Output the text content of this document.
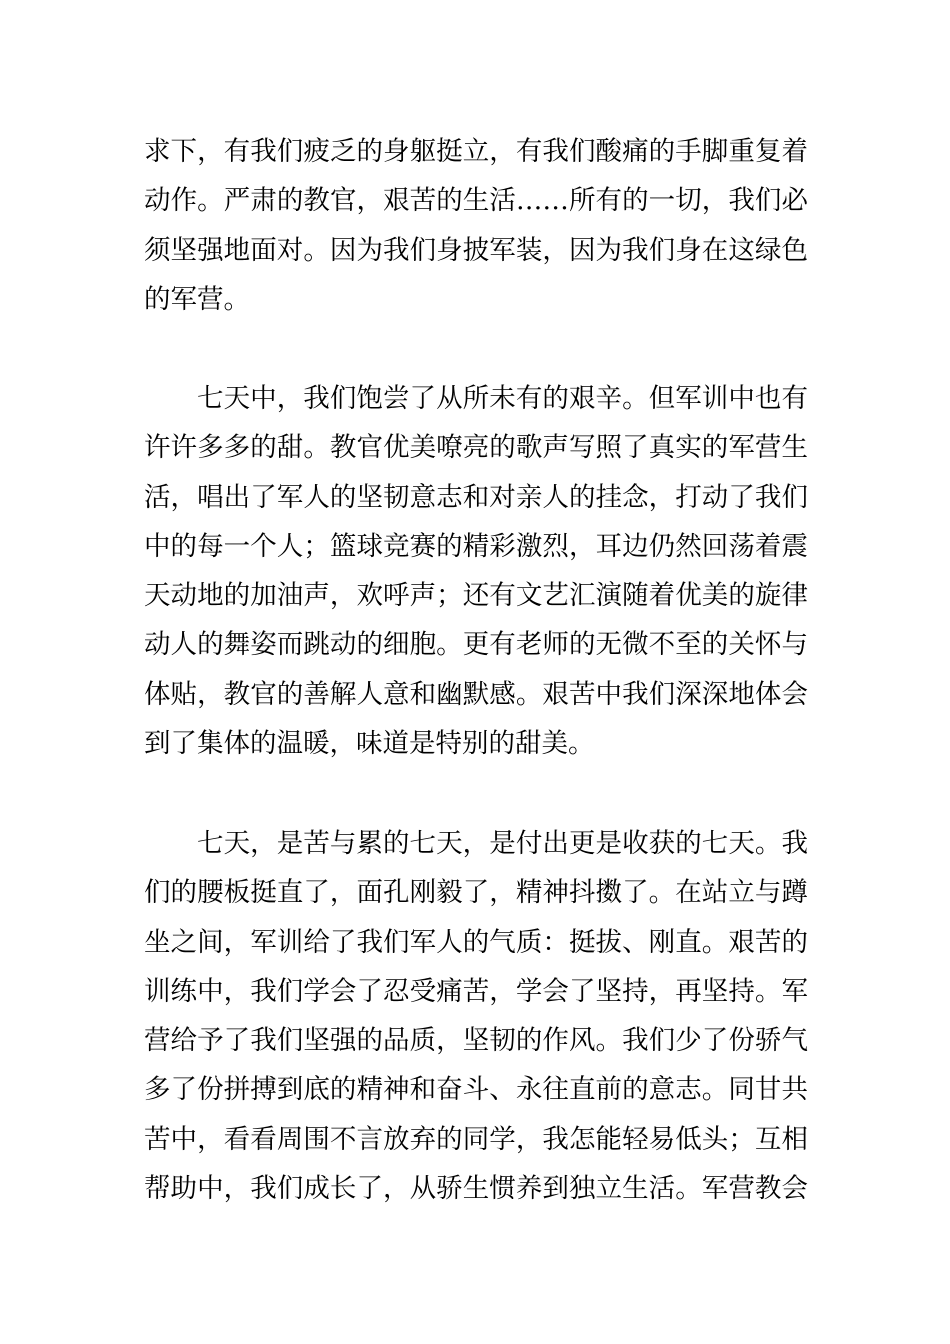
求下，有我们疲乏的身躯挺立，有我们酸痛的手脚重复着
动作。严肃的教官，艰苦的生活……所有的一切，我们必
须坚强地面对。因为我们身披军装，因为我们身在这绿色
的军营。
七天中，我们饱尝了从所未有的艰辛。但军训中也有
许许多多的甜。教官优美嘹亮的歌声写照了真实的军营生
活，唱出了军人的坚韧意志和对亲人的挂念，打动了我们
中的每一个人；篮球竞赛的精彩激烈，耳边仍然回荡着震
天动地的加油声，欢呼声；还有文艺汇演随着优美的旋律
动人的舞姿而跳动的细胞。更有老师的无微不至的关怀与
体贴，教官的善解人意和幽默感。艰苦中我们深深地体会
到了集体的温暖，味道是特别的甜美。
七天，是苦与累的七天，是付出更是收获的七天。我
们的腰板挺直了，面孔刚毅了，精神抖擞了。在站立与蹲
坐之间，军训给了我们军人的气质：挺拔、刚直。艰苦的
训练中，我们学会了忍受痛苦，学会了坚持，再坚持。军
营给予了我们坚强的品质，坚韧的作风。我们少了份骄气
多了份拼搏到底的精神和奋斗、永往直前的意志。同甘共
苦中，看看周围不言放弃的同学，我怎能轻易低头；互相
帮助中，我们成长了，从骄生惯养到独立生活。军营教会
